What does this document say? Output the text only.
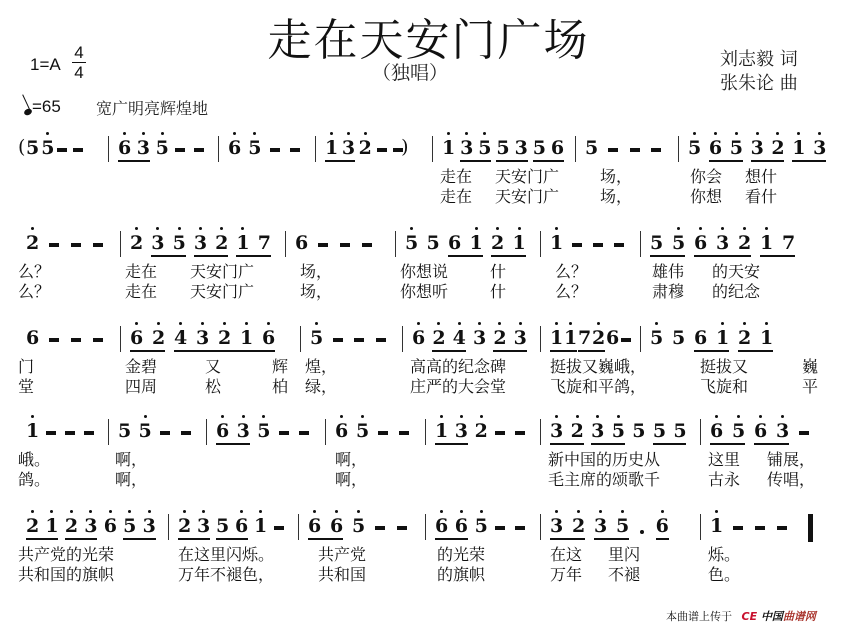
走在天安门广场
（独唱）
刘志毅 词
张朱论 曲
1=A
4
4
=65 宽广明亮辉煌地
( 5 5	6 3 5	6 5	1 3 2 ) 1 3 5 5 3 5 6 5	5 6 5 3 2 1 3
走在 天安门广	场，	你会 想什
走在 天安门广	场，	你想 看什
2	2 3 5 3 2 1 7 6	5 5 6 1 2 1 1	5 5 6 3 2 1 7
么？	走在 天安门广	场，	你想说	什	么？	雄伟 的天安
么？	走在 天安门广	场，	你想听	什	么？	肃穆 的纪念
6	6 2 4 3 2 1 6 5	6 2 4 3 2 3 1 1 7 2 6 5 5 6 1 2 1
门	金碧	又	辉 煌，	高高的纪念碑	挺拔又巍峨，	挺拔又	巍
堂	四周	松	柏 绿，	庄严的大会堂	飞旋和平鸽，	飞旋和	平
1	5 5	6 3 5	6 5	1 3 2	3 2 3 5 5 5 5 6 5 6 3
峨。	啊，	啊，	新中国的历史从	这里 铺展，
鸽。	啊，	啊，	毛主席的颂歌千	古永 传唱，
2 1 2 3 6 5 3 2 3 5 6 1 6 6 5	6 6 5	3 2 3 5 6 1
共产党的光荣	在这里闪烁。	共产党	的光荣	在这 里闪	烁。
共和国的旗帜	万年不褪色，	共和国	的旗帜	万年 不褪	色。
本曲谱上传于 CE 中国曲谱网
